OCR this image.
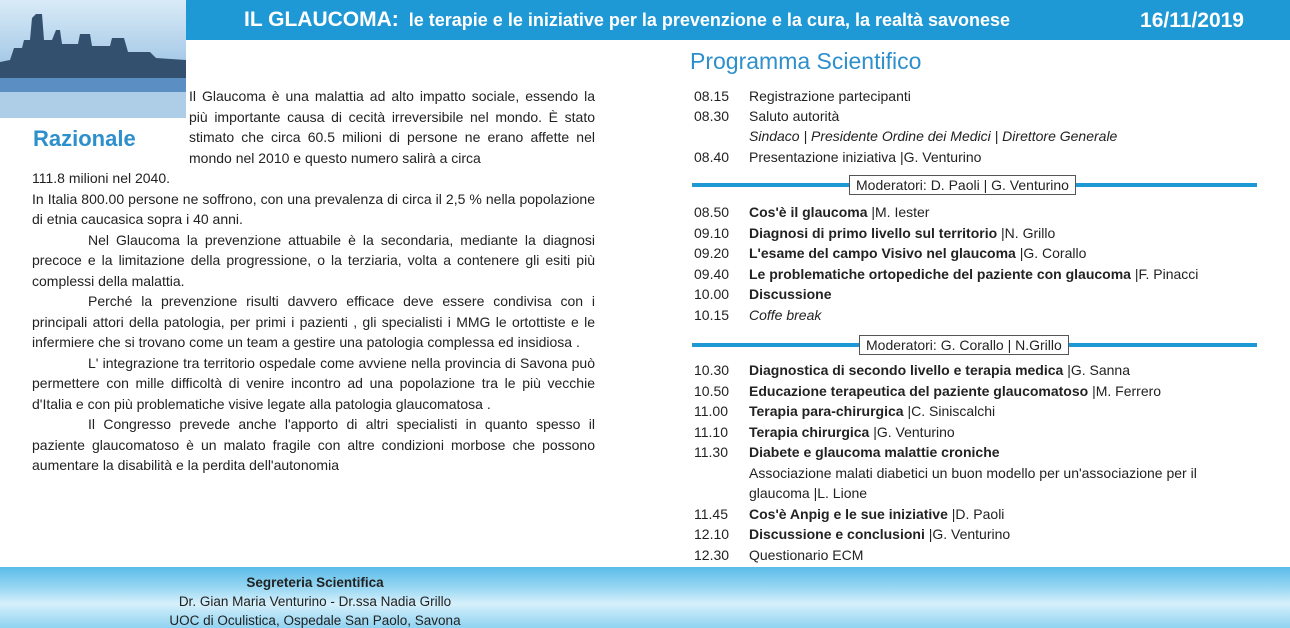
IL GLAUCOMA: le terapie e le iniziative per la prevenzione e la cura, la realtà savonese	16/11/2019
Razionale
Il Glaucoma è una malattia ad alto impatto sociale, essendo la più importante causa di cecità irreversibile nel mondo. È stato stimato che circa 60.5 milioni di persone ne erano affette nel mondo nel 2010 e questo numero salirà a circa
111.8 milioni nel 2040.
In Italia 800.00 persone ne soffrono, con una prevalenza di circa il 2,5 % nella popolazione di etnia caucasica sopra i 40 anni.
Nel Glaucoma la prevenzione attuabile è la secondaria, mediante la diagnosi precoce e la limitazione della progressione, o la terziaria, volta a contenere gli esiti più complessi della malattia.
Perché la prevenzione risulti davvero efficace deve essere condivisa con i principali attori della patologia, per primi i pazienti , gli specialisti i MMG le ortottiste e le infermiere che si trovano come un team a gestire una patologia complessa ed insidiosa .
L' integrazione tra territorio ospedale come avviene nella provincia di Savona può permettere con mille difficoltà di venire incontro ad una popolazione tra le più vecchie d'Italia e con più problematiche visive legate alla patologia glaucomatosa .
Il Congresso prevede anche l'apporto di altri specialisti in quanto spesso il paziente glaucomatoso è un malato fragile con altre condizioni morbose che possono aumentare la disabilità e la perdita dell'autonomia
Programma Scientifico
08.15 Registrazione partecipanti
08.30 Saluto autorità
Sindaco | Presidente Ordine dei Medici | Direttore Generale
08.40 Presentazione iniziativa |G. Venturino
Moderatori: D. Paoli | G. Venturino
08.50 Cos'è il glaucoma |M. Iester
09.10 Diagnosi di primo livello sul territorio |N. Grillo
09.20 L'esame del campo Visivo nel glaucoma |G. Corallo
09.40 Le problematiche ortopediche del paziente con glaucoma |F. Pinacci
10.00 Discussione
10.15 Coffe break
Moderatori: G. Corallo | N.Grillo
10.30 Diagnostica di secondo livello e terapia medica |G. Sanna
10.50 Educazione terapeutica del paziente glaucomatoso |M. Ferrero
11.00 Terapia para-chirurgica |C. Siniscalchi
11.10 Terapia chirurgica |G. Venturino
11.30 Diabete e glaucoma malattie croniche
Associazione malati diabetici un buon modello per un'associazione per il
glaucoma |L. Lione
11.45 Cos'è Anpig e le sue iniziative |D. Paoli
12.10 Discussione e conclusioni |G. Venturino
12.30 Questionario ECM
Segreteria Scientifica
Dr. Gian Maria Venturino - Dr.ssa Nadia Grillo
UOC di Oculistica, Ospedale San Paolo, Savona
